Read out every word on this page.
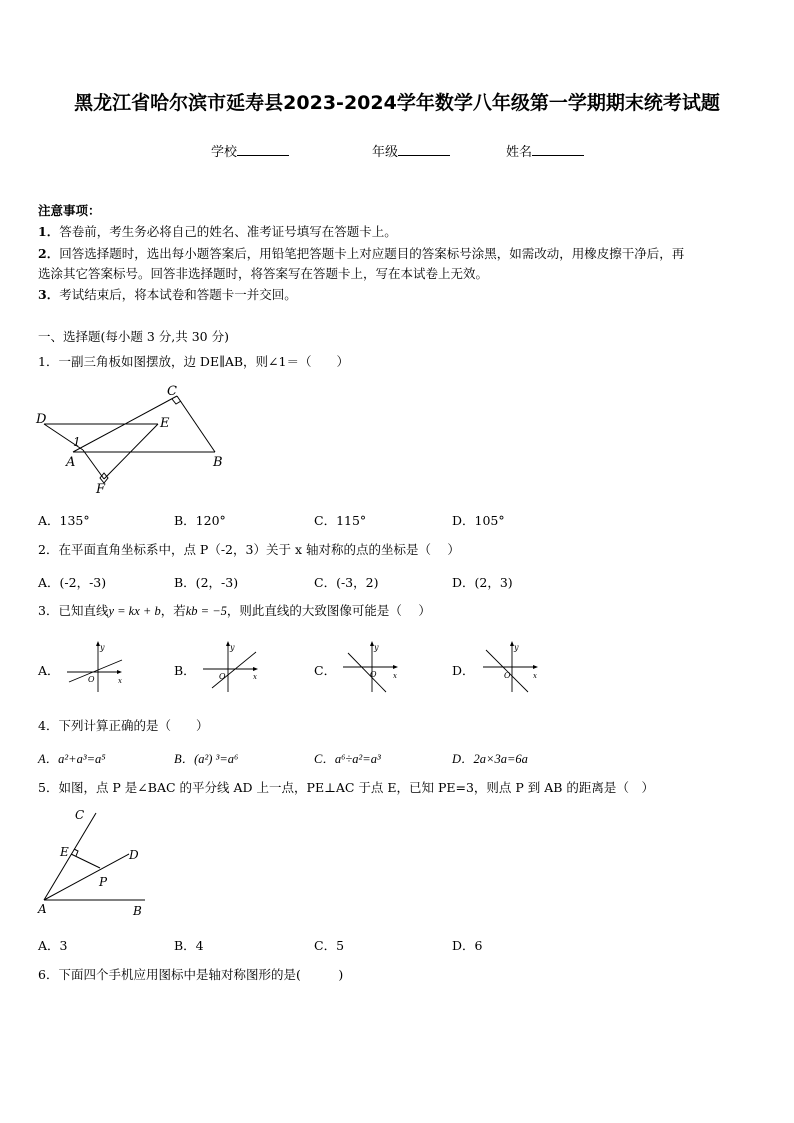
黑龙江省哈尔滨市延寿县2023-2024学年数学八年级第一学期期末统考试题
学校	年级	姓名
注意事项：
1．答卷前，考生务必将自己的姓名、准考证号填写在答题卡上。
2．回答选择题时，选出每小题答案后，用铅笔把答题卡上对应题目的答案标号涂黑，如需改动，用橡皮擦干净后，再
选涂其它答案标号。回答非选择题时，将答案写在答题卡上，写在本试卷上无效。
3．考试结束后，将本试卷和答题卡一并交回。
一、选择题(每小题 3 分,共 30 分)
1．一副三角板如图摆放，边 DE∥AB，则∠1＝（　　）
C
D	E
1
A	B
F
A．135°	B．120°	C．115°	D．105°
2．在平面直角坐标系中，点 P（-2，3）关于 x 轴对称的点的坐标是（　 ）
A．(-2，-3)	B．(2，-3)	C．(-3，2)	D．(2，3)
3．已知直线y = kx + b，若kb = −5，则此直线的大致图像可能是（　 ）
A．	B．	C．	D．
y
x
O
y
x
O
y
x
O
y
x
O
4．下列计算正确的是（　　）
A．a²+a³=a⁵	B．(a²) ³=a⁶	C．a⁶÷a²=a³	D．2a×3a=6a
5．如图，点 P 是∠BAC 的平分线 AD 上一点，PE⊥AC 于点 E，已知 PE=3，则点 P 到 AB 的距离是（　）
C
E	D
P
A	B
A．3	B．4	C．5	D．6
6．下面四个手机应用图标中是轴对称图形的是(　　　)
